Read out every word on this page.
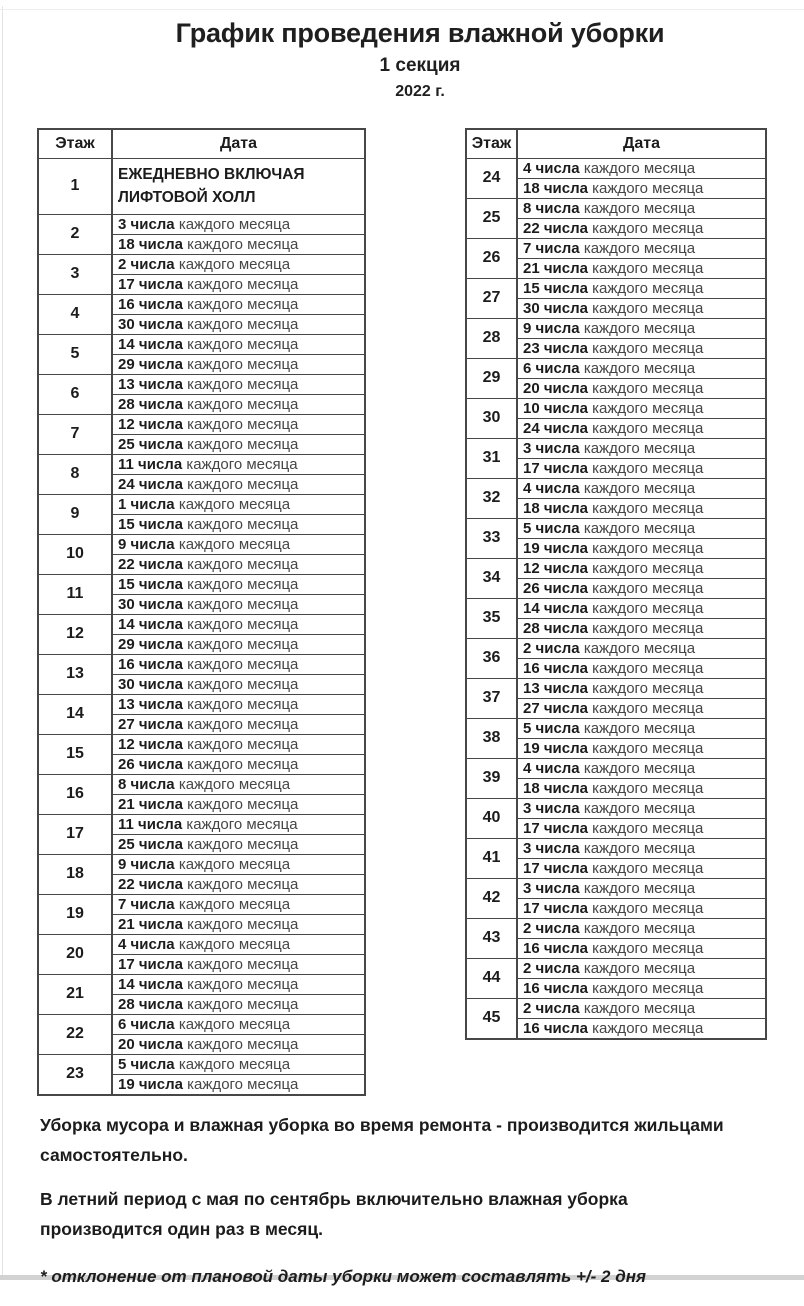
График проведения влажной уборки
1 секция
2022 г.
Этаж	Дата
1	ЕЖЕДНЕВНО ВКЛЮЧАЯ
ЛИФТОВОЙ ХОЛЛ
2	3 числа каждого месяца
	18 числа каждого месяца
3	2 числа каждого месяца
	17 числа каждого месяца
4	16 числа каждого месяца
	30 числа каждого месяца
5	14 числа каждого месяца
	29 числа каждого месяца
6	13 числа каждого месяца
	28 числа каждого месяца
7	12 числа каждого месяца
	25 числа каждого месяца
8	11 числа каждого месяца
	24 числа каждого месяца
9	1 числа каждого месяца
	15 числа каждого месяца
10	9 числа каждого месяца
	22 числа каждого месяца
11	15 числа каждого месяца
	30 числа каждого месяца
12	14 числа каждого месяца
	29 числа каждого месяца
13	16 числа каждого месяца
	30 числа каждого месяца
14	13 числа каждого месяца
	27 числа каждого месяца
15	12 числа каждого месяца
	26 числа каждого месяца
16	8 числа каждого месяца
	21 числа каждого месяца
17	11 числа каждого месяца
	25 числа каждого месяца
18	9 числа каждого месяца
	22 числа каждого месяца
19	7 числа каждого месяца
	21 числа каждого месяца
20	4 числа каждого месяца
	17 числа каждого месяца
21	14 числа каждого месяца
	28 числа каждого месяца
22	6 числа каждого месяца
	20 числа каждого месяца
23	5 числа каждого месяца
	19 числа каждого месяца
Этаж	Дата
24	4 числа каждого месяца
	18 числа каждого месяца
25	8 числа каждого месяца
	22 числа каждого месяца
26	7 числа каждого месяца
	21 числа каждого месяца
27	15 числа каждого месяца
	30 числа каждого месяца
28	9 числа каждого месяца
	23 числа каждого месяца
29	6 числа каждого месяца
	20 числа каждого месяца
30	10 числа каждого месяца
	24 числа каждого месяца
31	3 числа каждого месяца
	17 числа каждого месяца
32	4 числа каждого месяца
	18 числа каждого месяца
33	5 числа каждого месяца
	19 числа каждого месяца
34	12 числа каждого месяца
	26 числа каждого месяца
35	14 числа каждого месяца
	28 числа каждого месяца
36	2 числа каждого месяца
	16 числа каждого месяца
37	13 числа каждого месяца
	27 числа каждого месяца
38	5 числа каждого месяца
	19 числа каждого месяца
39	4 числа каждого месяца
	18 числа каждого месяца
40	3 числа каждого месяца
	17 числа каждого месяца
41	3 числа каждого месяца
	17 числа каждого месяца
42	3 числа каждого месяца
	17 числа каждого месяца
43	2 числа каждого месяца
	16 числа каждого месяца
44	2 числа каждого месяца
	16 числа каждого месяца
45	2 числа каждого месяца
	16 числа каждого месяца

Уборка мусора и влажная уборка во время ремонта - производится жильцами самостоятельно.

В летний период с мая по сентябрь включительно влажная уборка производится один раз в месяц.

* отклонение от плановой даты уборки может составлять +/- 2 дня
